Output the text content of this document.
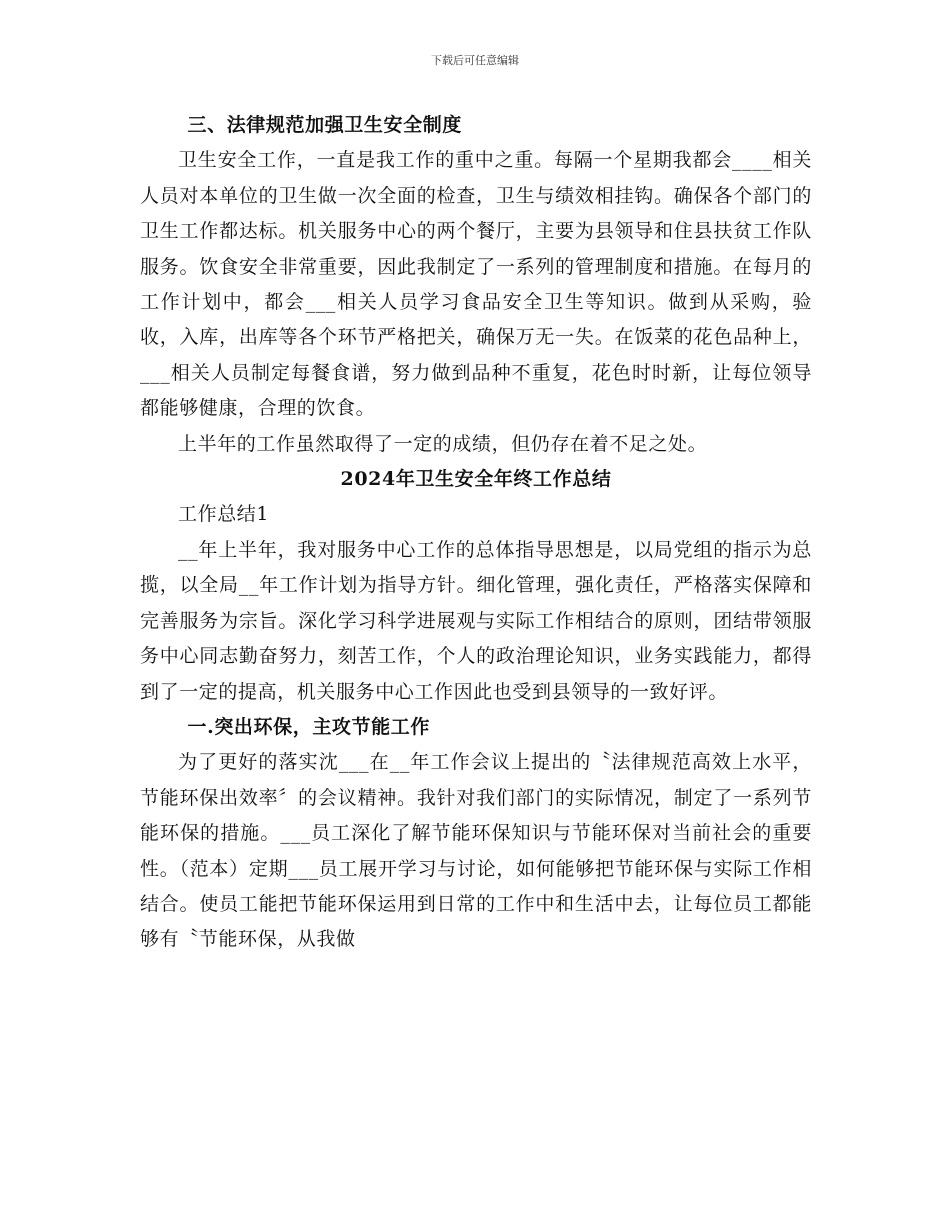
下载后可任意编辑

三、法律规范加强卫生安全制度

卫生安全工作，一直是我工作的重中之重。每隔一个星期我都会____相关人员对本单位的卫生做一次全面的检查，卫生与绩效相挂钩。确保各个部门的卫生工作都达标。机关服务中心的两个餐厅，主要为县领导和住县扶贫工作队服务。饮食安全非常重要，因此我制定了一系列的管理制度和措施。在每月的工作计划中，都会___相关人员学习食品安全卫生等知识。做到从采购，验收，入库，出库等各个环节严格把关，确保万无一失。在饭菜的花色品种上，___相关人员制定每餐食谱，努力做到品种不重复，花色时时新，让每位领导都能够健康，合理的饮食。

上半年的工作虽然取得了一定的成绩，但仍存在着不足之处。

2024年卫生安全年终工作总结

工作总结1

__年上半年，我对服务中心工作的总体指导思想是，以局党组的指示为总揽，以全局__年工作计划为指导方针。细化管理，强化责任，严格落实保障和完善服务为宗旨。深化学习科学进展观与实际工作相结合的原则，团结带领服务中心同志勤奋努力，刻苦工作，个人的政治理论知识，业务实践能力，都得到了一定的提高，机关服务中心工作因此也受到县领导的一致好评。

一.突出环保，主攻节能工作

为了更好的落实沈___在__年工作会议上提出的〝法律规范高效上水平，节能环保出效率〞的会议精神。我针对我们部门的实际情况，制定了一系列节能环保的措施。___员工深化了解节能环保知识与节能环保对当前社会的重要性。（范本）定期___员工展开学习与讨论，如何能够把节能环保与实际工作相结合。使员工能把节能环保运用到日常的工作中和生活中去，让每位员工都能够有〝节能环保，从我做
